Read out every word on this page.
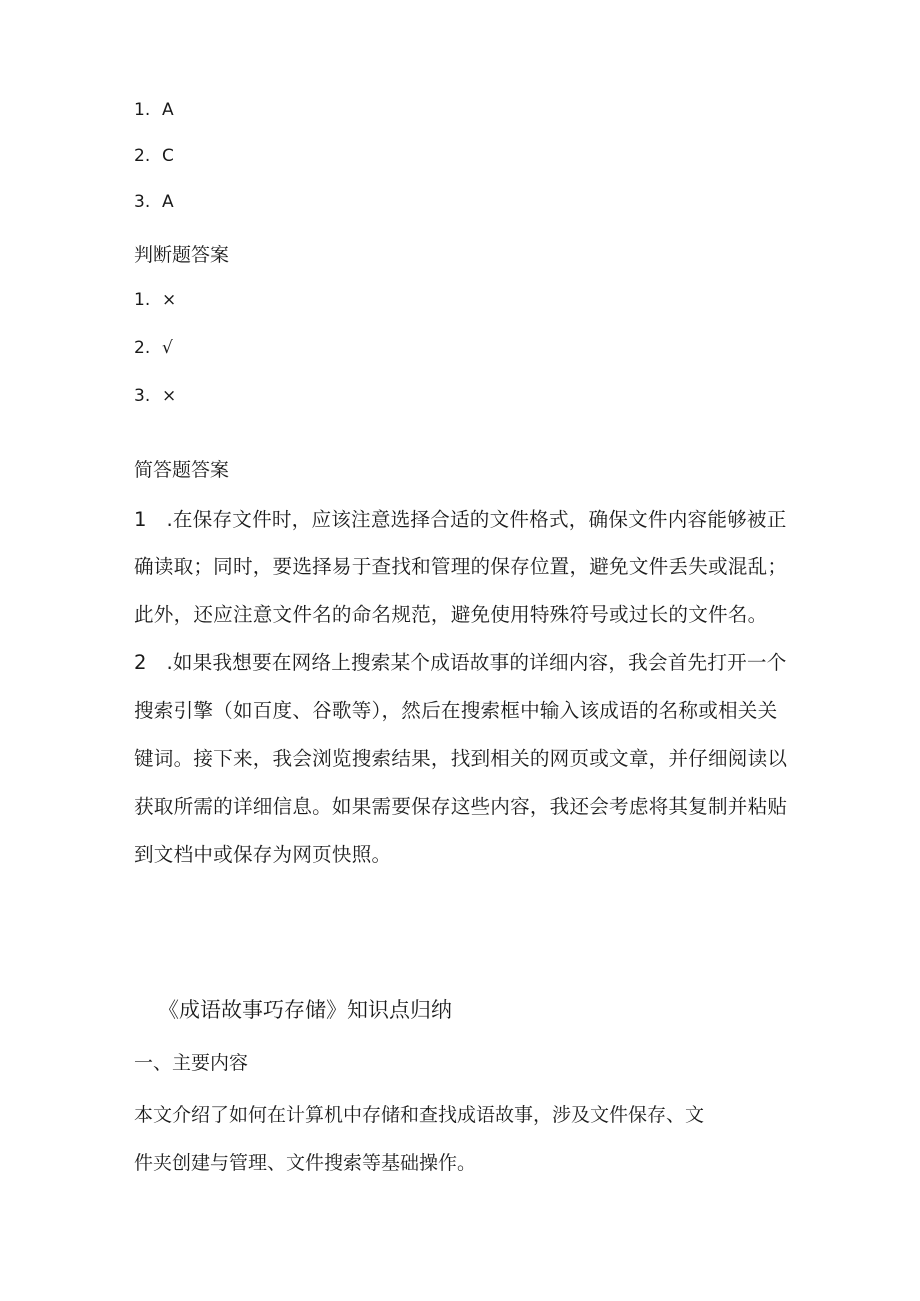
1. A
2. C
3. A
判断题答案
1. ×
2. √
3. ×
简答题答案
1　.在保存文件时，应该注意选择合适的文件格式，确保文件内容能够被正
确读取；同时，要选择易于查找和管理的保存位置，避免文件丢失或混乱；
此外，还应注意文件名的命名规范，避免使用特殊符号或过长的文件名。
2　.如果我想要在网络上搜索某个成语故事的详细内容，我会首先打开一个
搜索引擎（如百度、谷歌等），然后在搜索框中输入该成语的名称或相关关
键词。接下来，我会浏览搜索结果，找到相关的网页或文章，并仔细阅读以
获取所需的详细信息。如果需要保存这些内容，我还会考虑将其复制并粘贴
到文档中或保存为网页快照。
《成语故事巧存储》知识点归纳
一、主要内容
本文介绍了如何在计算机中存储和查找成语故事，涉及文件保存、文
件夹创建与管理、文件搜索等基础操作。
